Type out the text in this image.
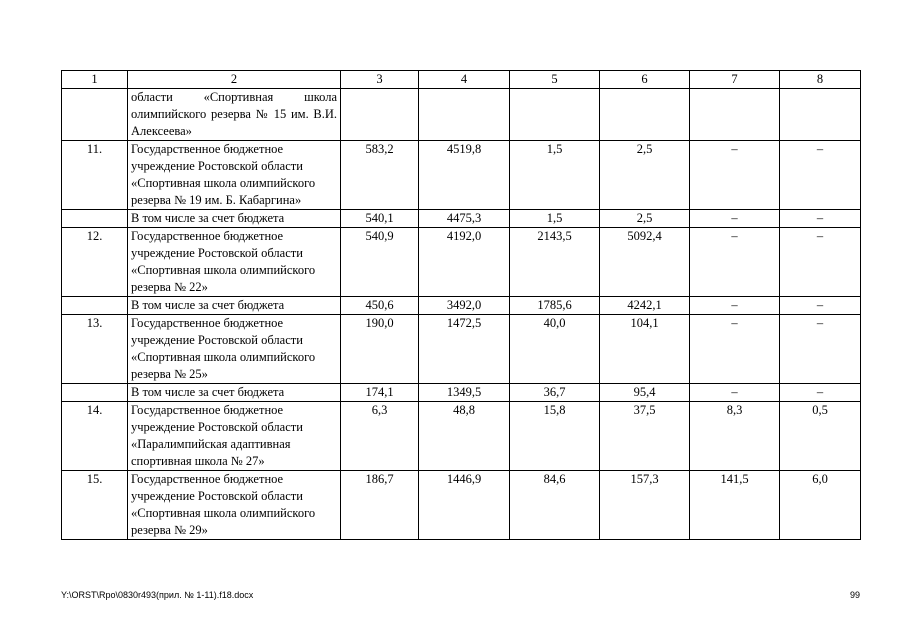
1	2	3	4	5	6	7	8
	области «Спортивная школа олимпийского резерва № 15 им. В.И. Алексеева»						
11.	Государственное бюджетное учреждение Ростовской области «Спортивная школа олимпийского резерва № 19 им. Б. Кабаргина»	583,2	4519,8	1,5	2,5	–	–
	В том числе за счет бюджета	540,1	4475,3	1,5	2,5	–	–
12.	Государственное бюджетное учреждение Ростовской области «Спортивная школа олимпийского резерва № 22»	540,9	4192,0	2143,5	5092,4	–	–
	В том числе за счет бюджета	450,6	3492,0	1785,6	4242,1	–	–
13.	Государственное бюджетное учреждение Ростовской области «Спортивная школа олимпийского резерва № 25»	190,0	1472,5	40,0	104,1	–	–
	В том числе за счет бюджета	174,1	1349,5	36,7	95,4	–	–
14.	Государственное бюджетное учреждение Ростовской области «Паралимпийская адаптивная спортивная школа № 27»	6,3	48,8	15,8	37,5	8,3	0,5
15.	Государственное бюджетное учреждение Ростовской области «Спортивная школа олимпийского резерва № 29»	186,7	1446,9	84,6	157,3	141,5	6,0
Y:\ORST\Rpo\0830r493(прил. № 1-11).f18.docx	99
